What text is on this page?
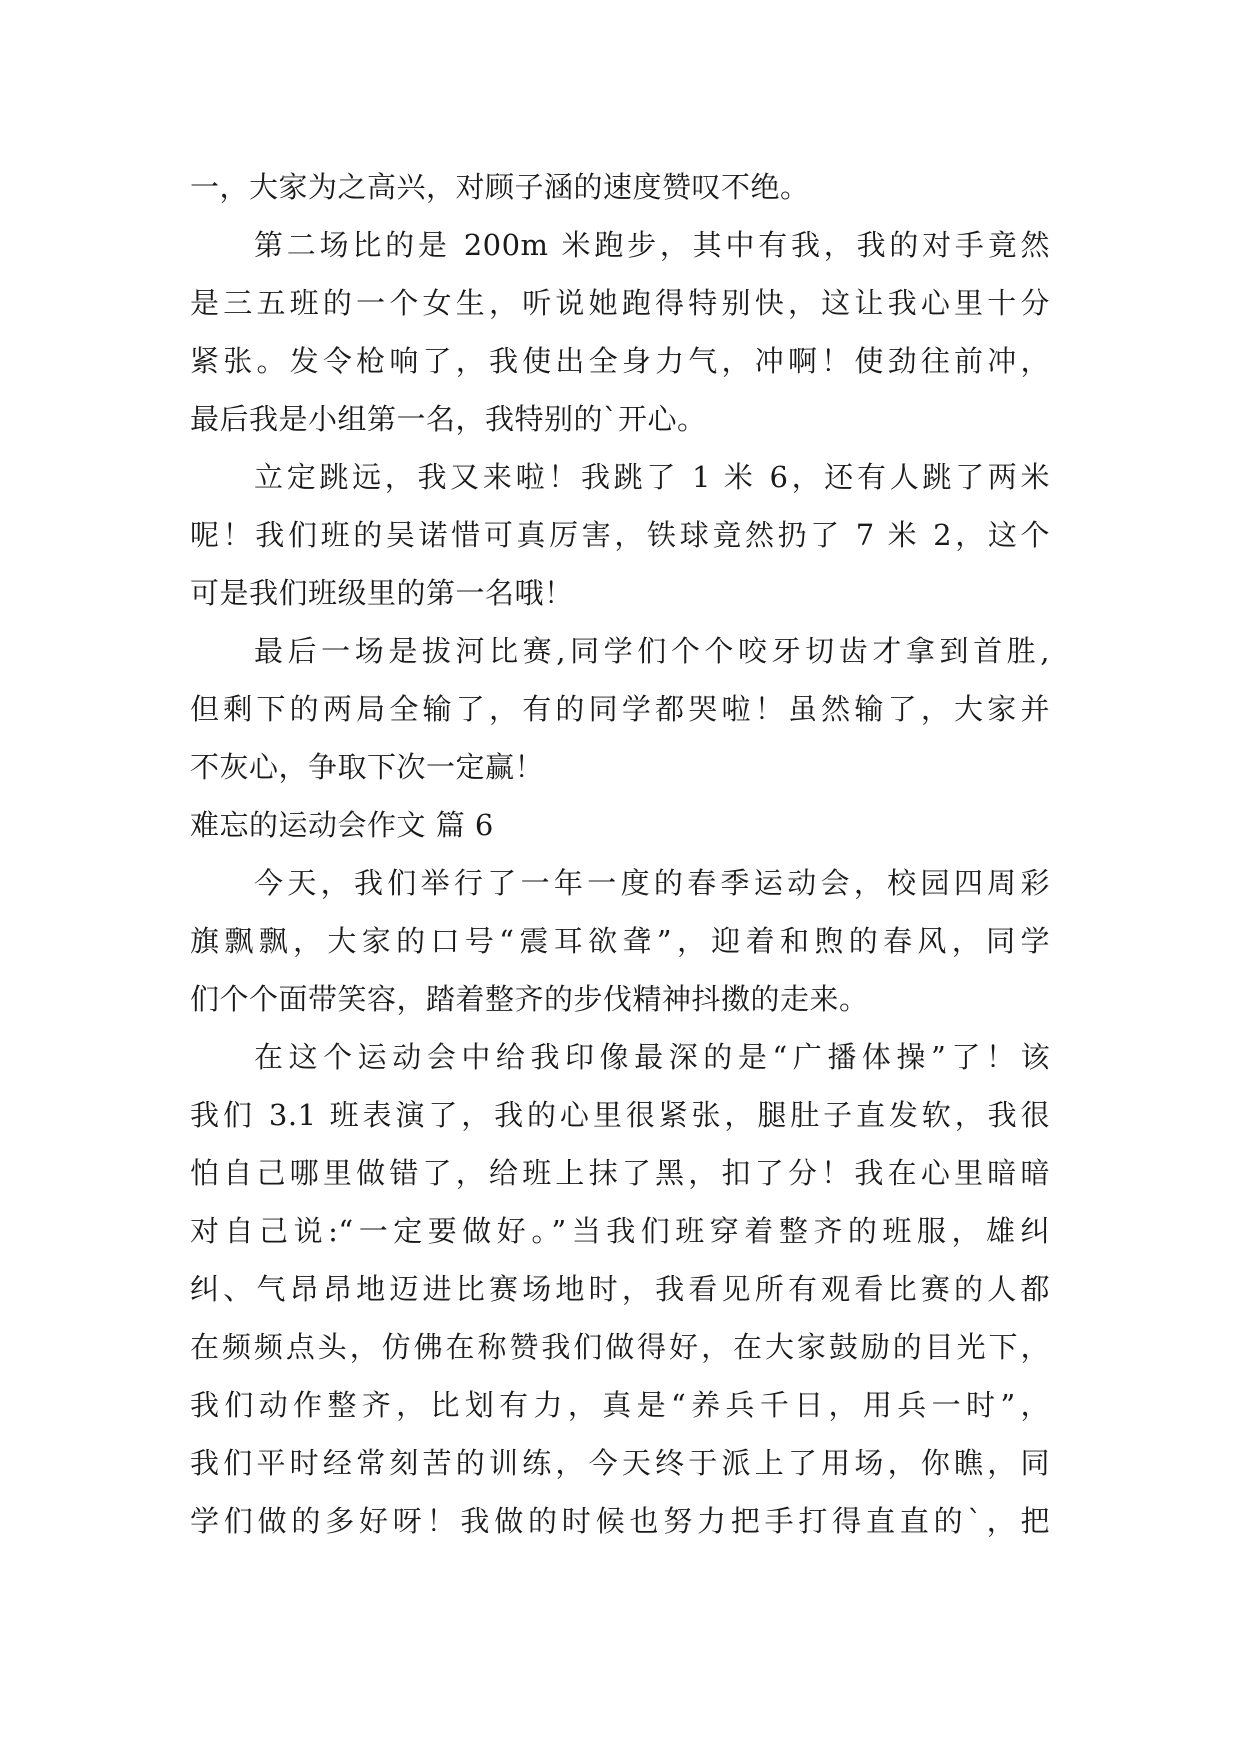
一，大家为之高兴，对顾子涵的速度赞叹不绝。
第二场比的是 200m 米跑步，其中有我，我的对手竟然
是三五班的一个女生，听说她跑得特别快，这让我心里十分
紧张。发令枪响了，我使出全身力气，冲啊！使劲往前冲，
最后我是小组第一名，我特别的`开心。
立定跳远，我又来啦！我跳了 1 米 6，还有人跳了两米
呢！我们班的吴诺惜可真厉害，铁球竟然扔了 7 米 2，这个
可是我们班级里的第一名哦！
最后一场是拔河比赛,同学们个个咬牙切齿才拿到首胜,
但剩下的两局全输了，有的同学都哭啦！虽然输了，大家并
不灰心，争取下次一定赢！
难忘的运动会作文 篇 6
今天，我们举行了一年一度的春季运动会，校园四周彩
旗飘飘，大家的口号“震耳欲聋”，迎着和煦的春风，同学
们个个面带笑容，踏着整齐的步伐精神抖擞的走来。
在这个运动会中给我印像最深的是“广播体操”了！该
我们 3.1 班表演了，我的心里很紧张，腿肚子直发软，我很
怕自己哪里做错了，给班上抹了黑，扣了分！我在心里暗暗
对自己说:“一定要做好。”当我们班穿着整齐的班服，雄纠
纠、气昂昂地迈进比赛场地时，我看见所有观看比赛的人都
在频频点头，仿佛在称赞我们做得好，在大家鼓励的目光下，
我们动作整齐，比划有力，真是“养兵千日，用兵一时”，
我们平时经常刻苦的训练，今天终于派上了用场，你瞧，同
学们做的多好呀！我做的时候也努力把手打得直直的`，把
